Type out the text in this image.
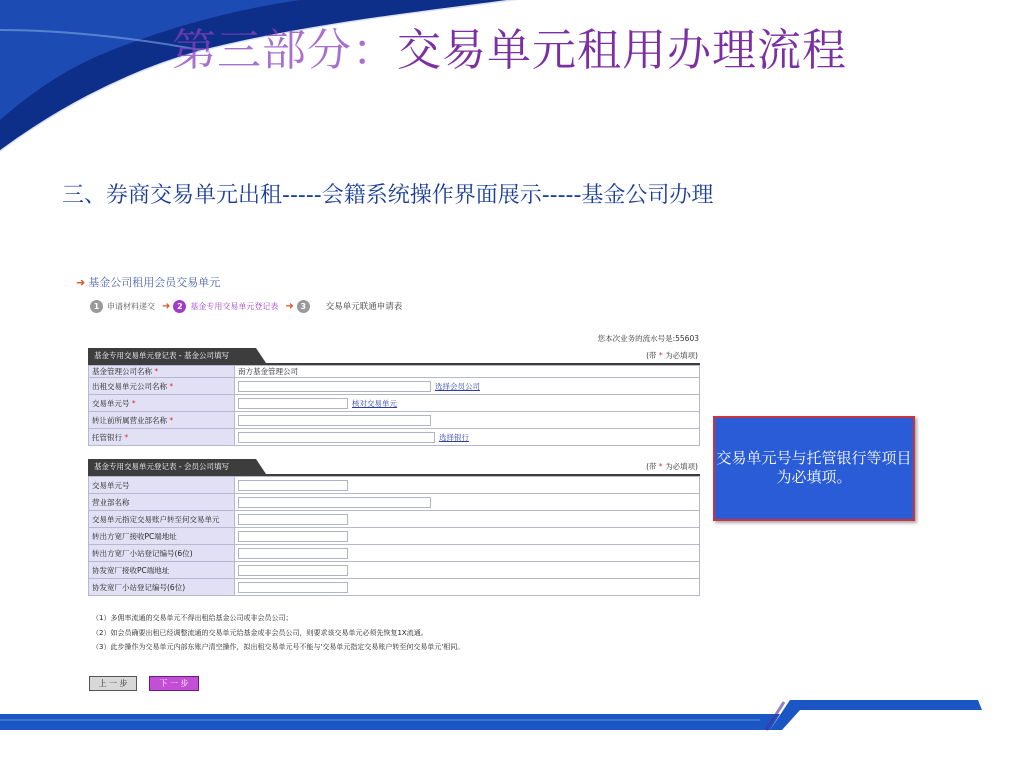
第三部分：交易单元租用办理流程
三、券商交易单元出租-----会籍系统操作界面展示-----基金公司办理
➜ 基金公司租用会员交易单元
1 申请材料递交 ➜ 2 基金专用交易单元登记表 ➜ 3	交易单元联通申请表
您本次业务的流水号是:55603
基金专用交易单元登记表 - 基金公司填写	(带 * 为必填项)
基金管理公司名称 *	南方基金管理公司
出租交易单元公司名称 *	选择会员公司
交易单元号 *	核对交易单元
转让前所属营业部名称 *	
托管银行 *	选择银行
基金专用交易单元登记表 - 会员公司填写	(带 * 为必填项)
交易单元号	
营业部名称	
交易单元指定交易账户转至何交易单元	
转出方宽厂接收PC端地址	
转出方宽厂小站登记编号(6位)	
协发宽厂接收PC端地址	
协发宽厂小站登记编号(6位)	
（1）多佣率流通的交易单元不得出租给基金公司或非会员公司；
（2）如会员确要出租已经调整流通的交易单元给基金或非会员公司，则要求该交易单元必须先恢复1X流通。
（3）此步操作为交易单元内部东账户清空操作，拟出租交易单元号不能与'交易单元指定交易账户转至何交易单元'相同。
上 一 步	下 一 步
交易单元号与托管银行等项目为必填项。
